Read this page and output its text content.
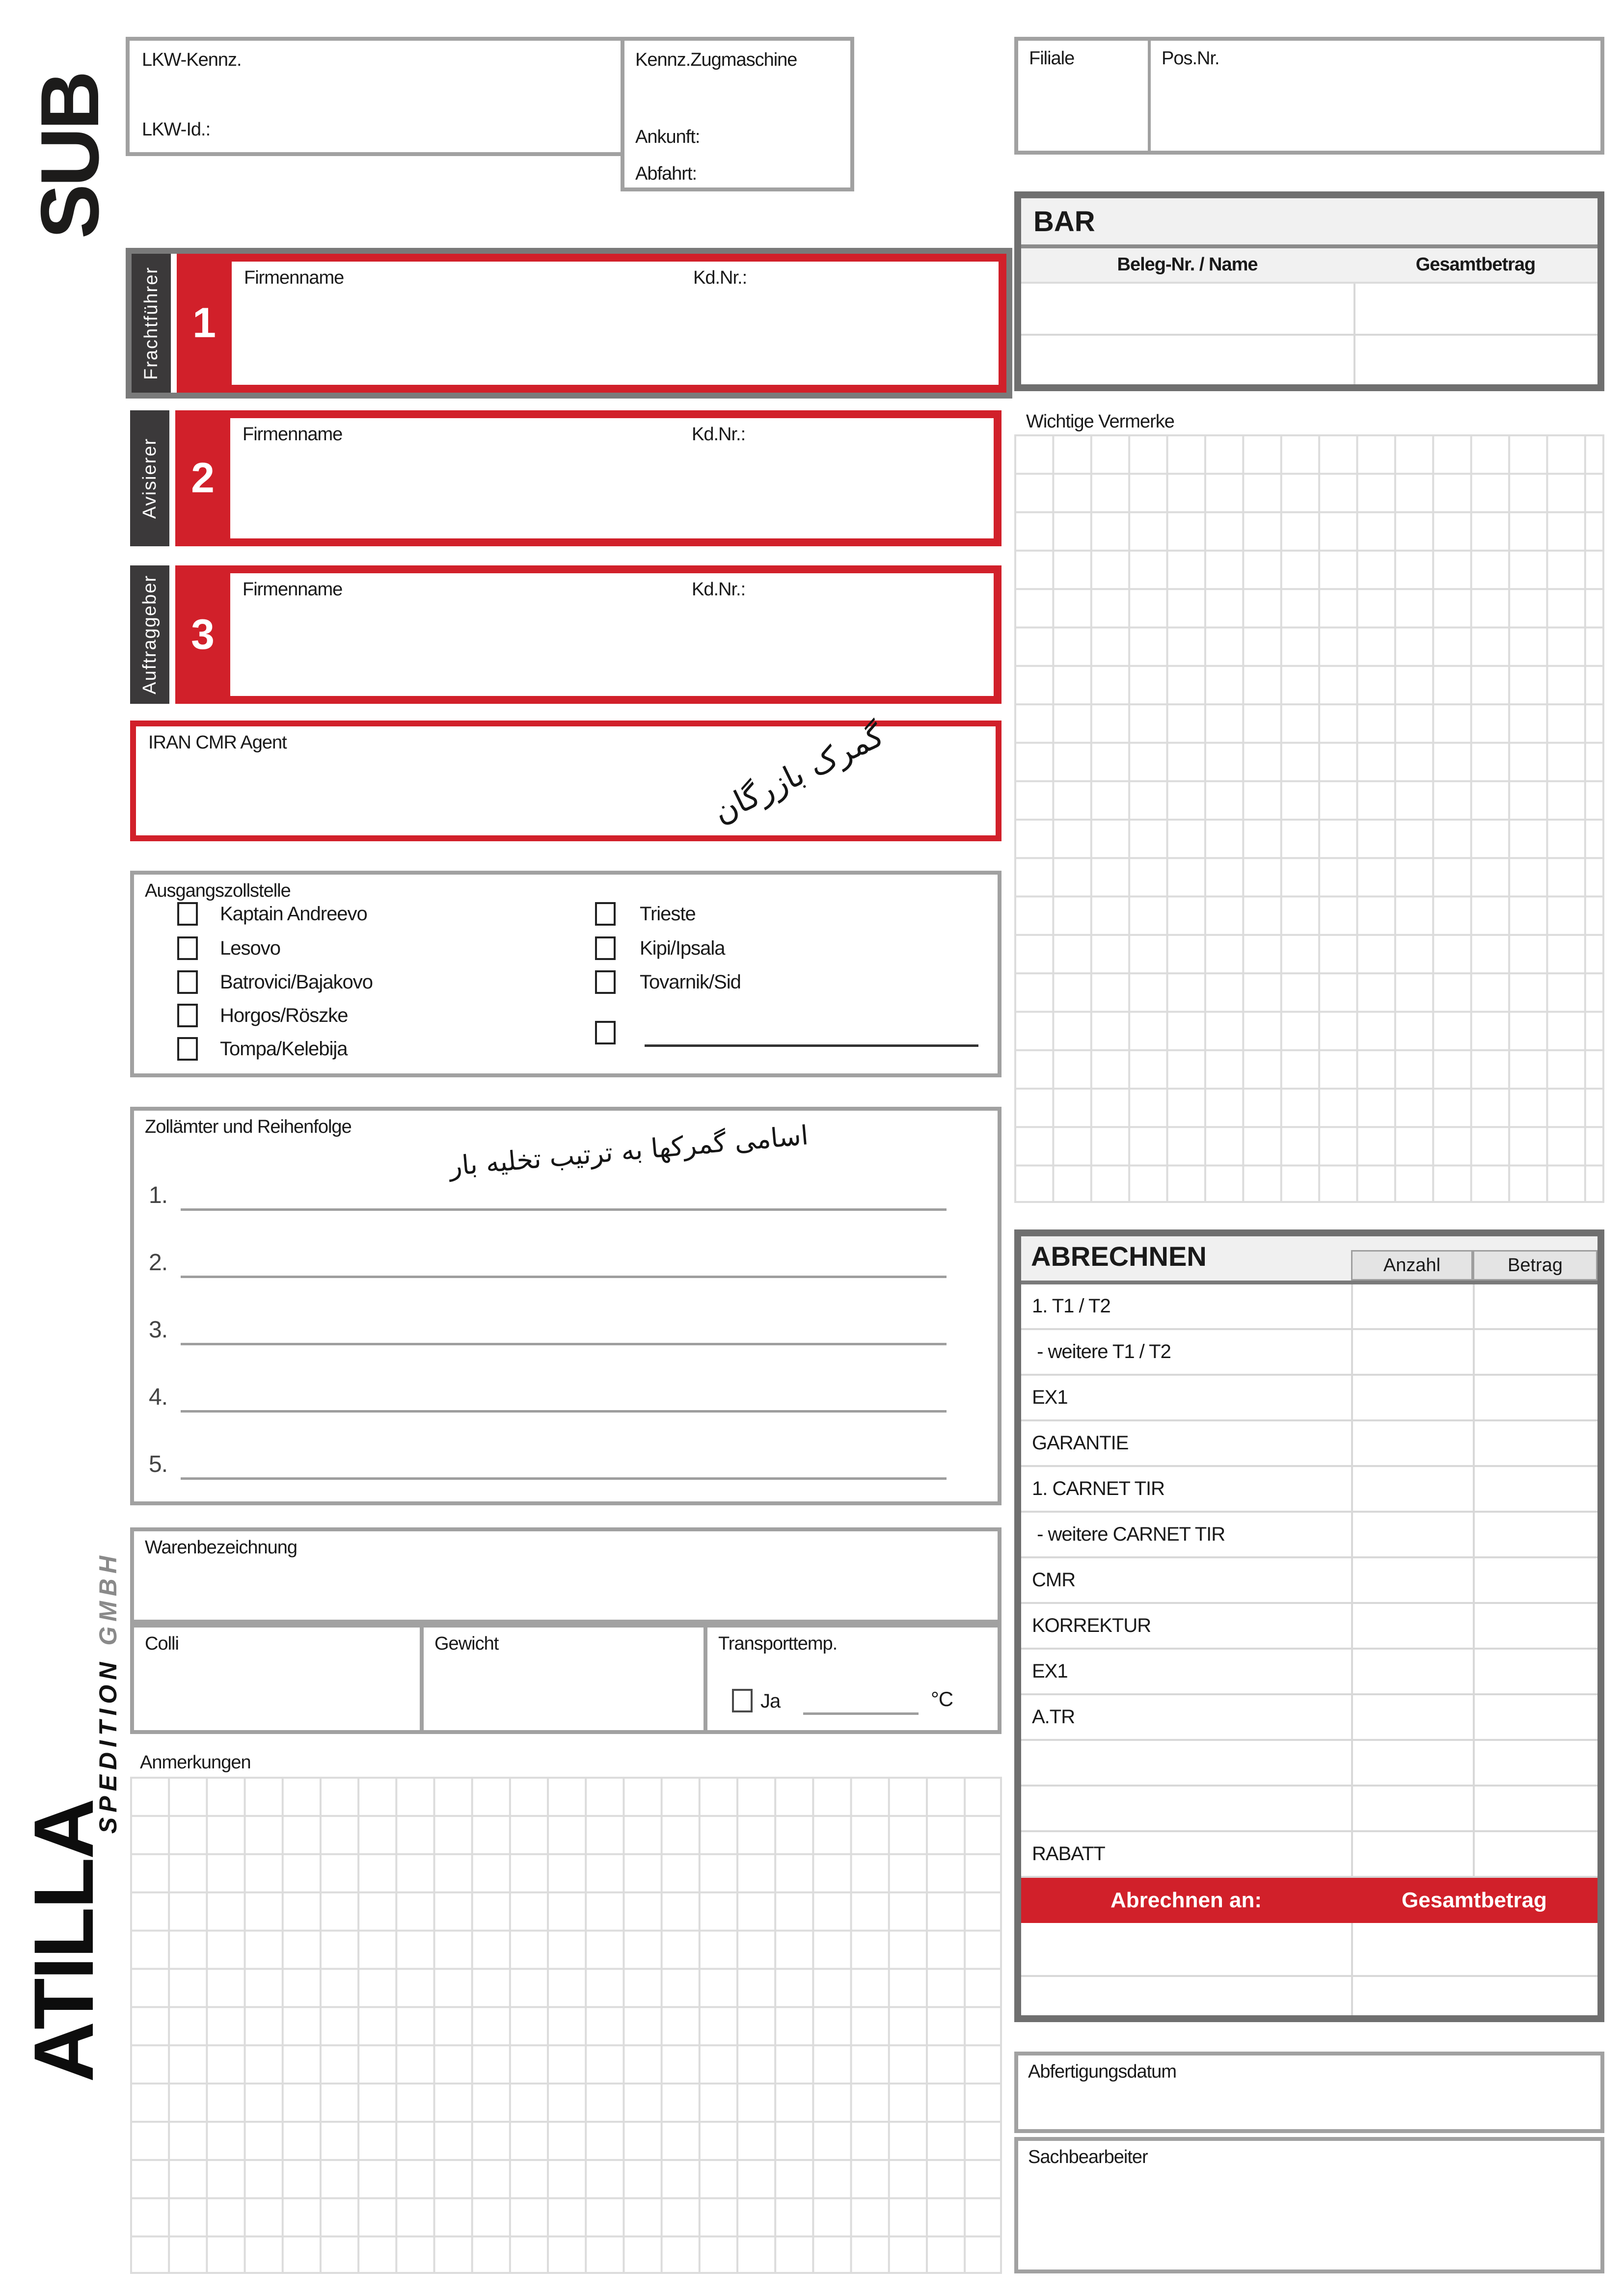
SUB
LKW-Kennz.
LKW-Id.:
Kennz.Zugmaschine
Ankunft:
Abfahrt:
Filiale	Pos.Nr.
BAR
Beleg-Nr. / Name	Gesamtbetrag
Frachtführer 1
Firmenname	Kd.Nr.:
Avisierer 2
Firmenname	Kd.Nr.:
Auftraggeber 3
Firmenname	Kd.Nr.:
IRAN CMR Agent	گمرک بازرگان
Ausgangszollstelle
Kaptain Andreevo
Lesovo
Batrovici/Bajakovo
Horgos/Röszke
Tompa/Kelebija
Trieste
Kipi/Ipsala
Tovarnik/Sid
Zollämter und Reihenfolge	اسامی گمرکها به ترتیب تخلیه بار
1.
2.
3.
4.
5.
Warenbezeichnung
Colli	Gewicht	Transporttemp.
Ja	°C
Anmerkungen
Wichtige Vermerke
ABRECHNEN	Anzahl	Betrag
1. T1 / T2
- weitere T1 / T2
EX1
GARANTIE
1. CARNET TIR
- weitere CARNET TIR
CMR
KORREKTUR
EX1
A.TR
RABATT
Abrechnen an:	Gesamtbetrag
Abfertigungsdatum
Sachbearbeiter
ATILLA
SPEDITION GMBH
